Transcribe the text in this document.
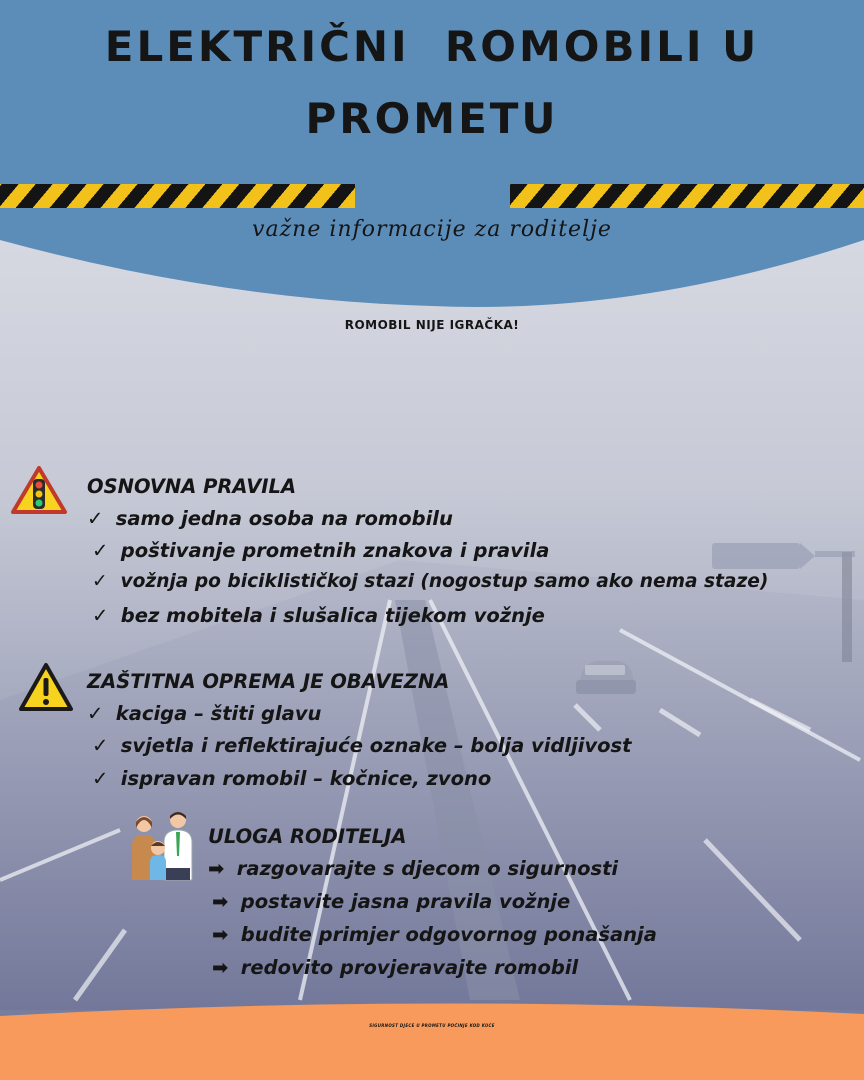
ELEKTRIČNI  ROMOBILI U
PROMETU
važne informacije za roditelje
ROMOBIL NIJE IGRAČKA!
OSNOVNA PRAVILA
✓ samo jedna osoba na romobilu
✓ poštivanje prometnih znakova i pravila
✓ vožnja po biciklističkoj stazi (nogostup samo ako nema staze)
✓ bez mobitela i slušalica tijekom vožnje
ZAŠTITNA OPREMA JE OBAVEZNA
✓ kaciga – štiti glavu
✓ svjetla i reflektirajuće oznake – bolja vidljivost
✓ ispravan romobil – kočnice, zvono
ULOGA RODITELJA
➡ razgovarajte s djecom o sigurnosti
➡ postavite jasna pravila vožnje
➡ budite primjer odgovornog ponašanja
➡ redovito provjeravajte romobil
SIGURNOST DJECE U PROMETU POČINJE KOD KUĆE
